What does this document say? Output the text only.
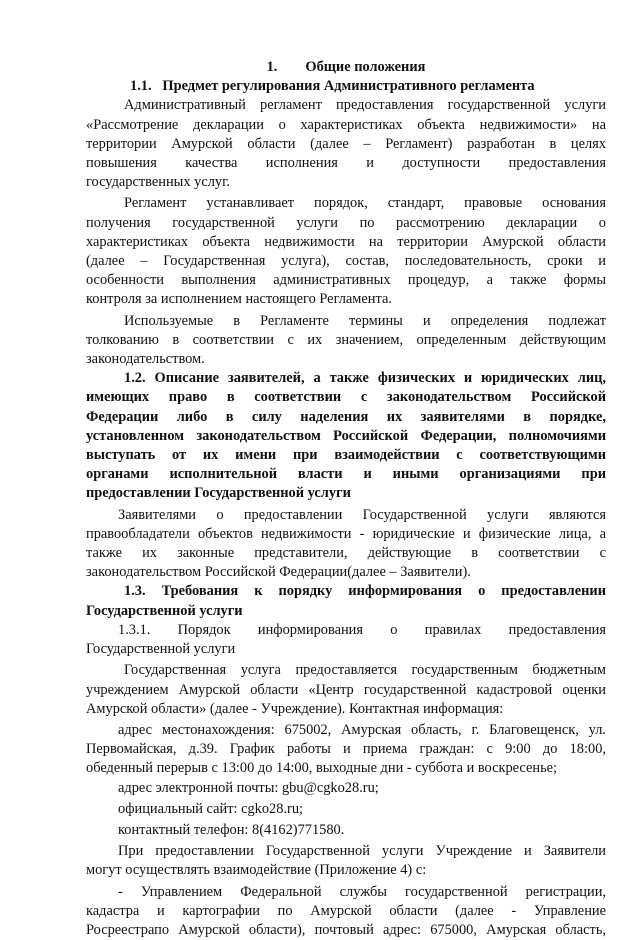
1. Общие положения
1.1. Предмет регулирования Административного регламента
Административный регламент предоставления государственной услуги
«Рассмотрение декларации о характеристиках объекта недвижимости» на
территории Амурской области (далее – Регламент) разработан в целях
повышения качества исполнения и доступности предоставления
государственных услуг.
Регламент устанавливает порядок, стандарт, правовые основания
получения государственной услуги по рассмотрению декларации о
характеристиках объекта недвижимости на территории Амурской области
(далее – Государственная услуга), состав, последовательность, сроки и
особенности выполнения административных процедур, а также формы
контроля за исполнением настоящего Регламента.
Используемые в Регламенте термины и определения подлежат
толкованию в соответствии с их значением, определенным действующим
законодательством.
1.2. Описание заявителей, а также физических и юридических лиц,
имеющих право в соответствии с законодательством Российской
Федерации либо в силу наделения их заявителями в порядке,
установленном законодательством Российской Федерации, полномочиями
выступать от их имени при взаимодействии с соответствующими
органами исполнительной власти и иными организациями при
предоставлении Государственной услуги
Заявителями о предоставлении Государственной услуги являются
правообладатели объектов недвижимости - юридические и физические лица, а
также их законные представители, действующие в соответствии с
законодательством Российской Федерации(далее – Заявители).
1.3. Требования к порядку информирования о предоставлении
Государственной услуги
1.3.1. Порядок информирования о правилах предоставления
Государственной услуги
Государственная услуга предоставляется государственным бюджетным
учреждением Амурской области «Центр государственной кадастровой оценки
Амурской области» (далее - Учреждение). Контактная информация:
адрес местонахождения: 675002, Амурская область, г. Благовещенск, ул.
Первомайская, д.39. График работы и приема граждан: с 9:00 до 18:00,
обеденный перерыв с 13:00 до 14:00, выходные дни - суббота и воскресенье;
адрес электронной почты: gbu@cgko28.ru;
официальный сайт: cgko28.ru;
контактный телефон: 8(4162)771580.
При предоставлении Государственной услуги Учреждение и Заявители
могут осуществлять взаимодействие (Приложение 4) с:
- Управлением Федеральной службы государственной регистрации,
кадастра и картографии по Амурской области (далее - Управление
Росреестрапо Амурской области), почтовый адрес: 675000, Амурская область,
